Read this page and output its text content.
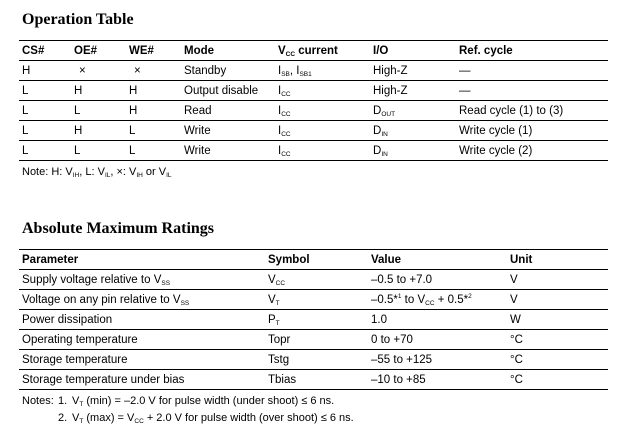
Operation Table
CS#	OE#	WE#	Mode	$V_{CC}$ current	I/O	Ref. cycle
H	×	×	Standby	$I_{SB}$, $I_{SB1}$	High-Z	—
L	H	H	Output disable	$I_{CC}$	High-Z	—
L	L	H	Read	$I_{CC}$	$D_{OUT}$	Read cycle (1) to (3)
L	H	L	Write	$I_{CC}$	$D_{IN}$	Write cycle (1)
L	L	L	Write	$I_{CC}$	$D_{IN}$	Write cycle (2)
Note: H: $V_{IH}$, L: $V_{IL}$, ×: $V_{IH}$ or $V_{IL}$
Absolute Maximum Ratings
Parameter	Symbol	Value	Unit
Supply voltage relative to $V_{SS}$	$V_{CC}$	–0.5 to +7.0	V
Voltage on any pin relative to $V_{SS}$	$V_T$	–0.5*$^1$ to $V_{CC} + 0.5*^2$	V
Power dissipation	$P_T$	1.0	W
Operating temperature	Topr	0 to +70	°C
Storage temperature	Tstg	–55 to +125	°C
Storage temperature under bias	Tbias	–10 to +85	°C
Notes: 1. $V_T$ (min) = –2.0 V for pulse width (under shoot) ≤ 6 ns.
2. $V_T$ $(\max) = V_{CC} + 2.0$ V for pulse width (over shoot) ≤ 6 ns.
